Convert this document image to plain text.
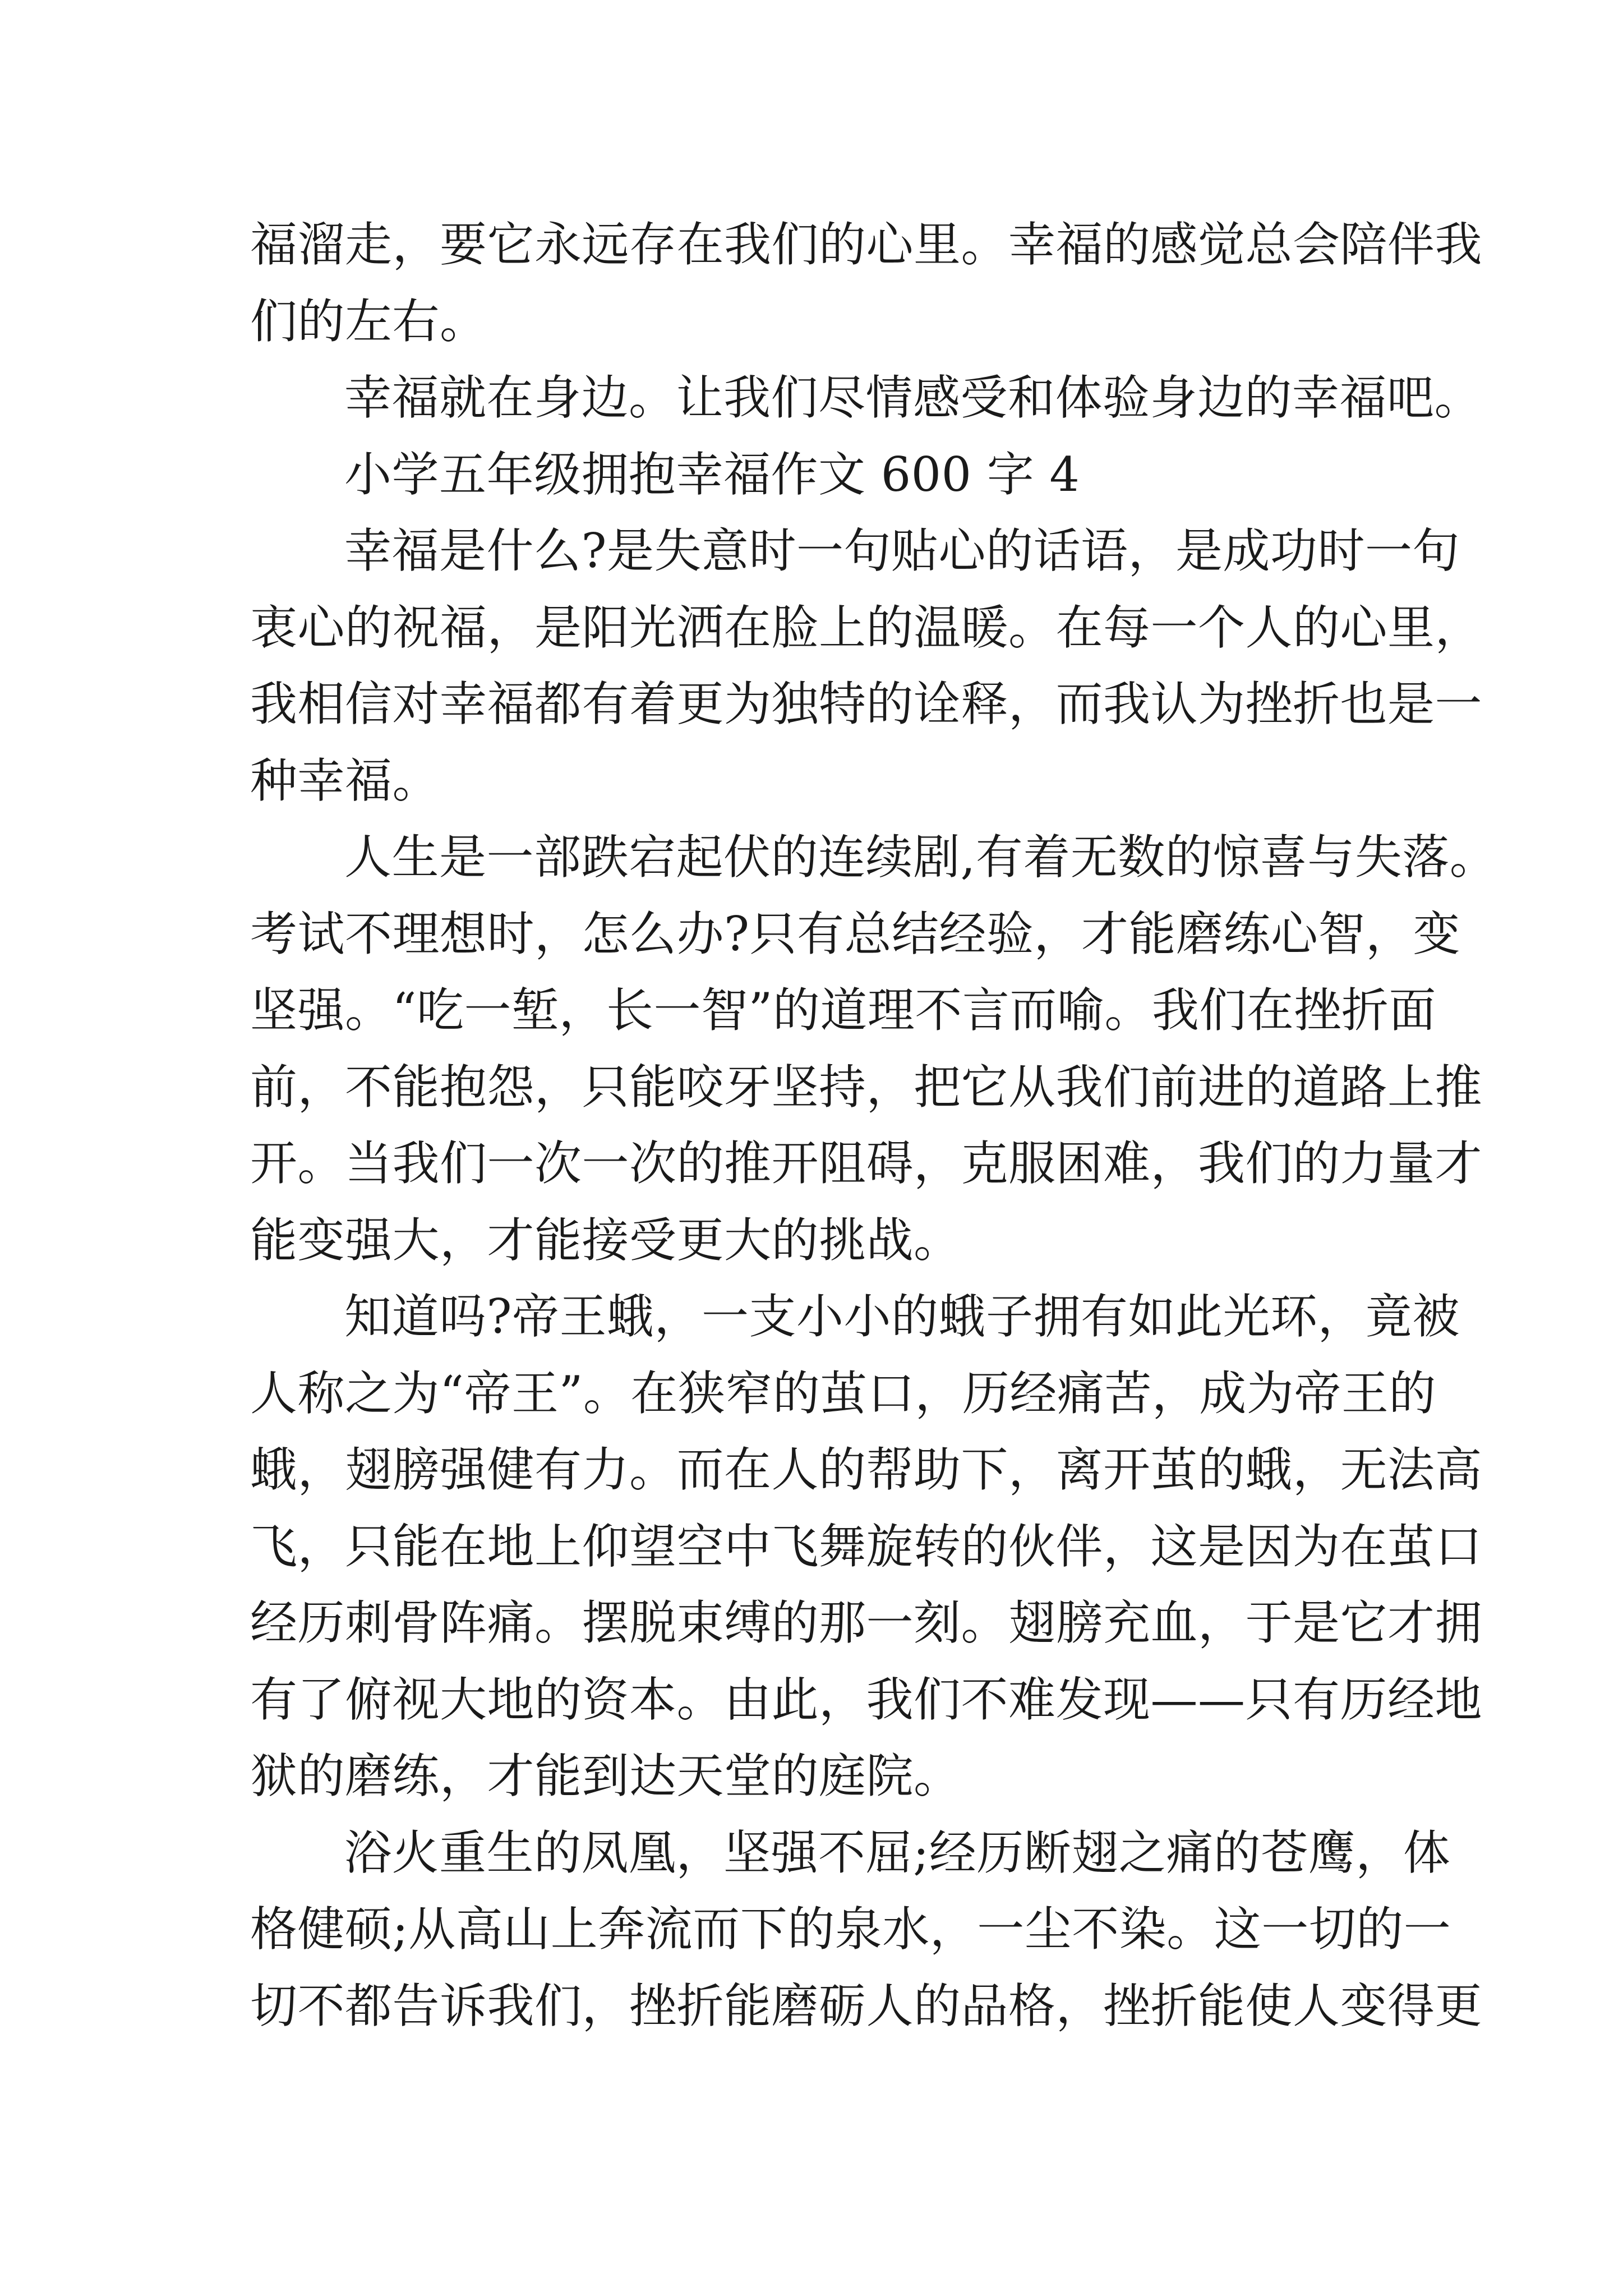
福溜走，要它永远存在我们的心里。幸福的感觉总会陪伴我
们的左右。
幸福就在身边。让我们尽情感受和体验身边的幸福吧。
小学五年级拥抱幸福作文 600 字 4
幸福是什么?是失意时一句贴心的话语，是成功时一句
衷心的祝福，是阳光洒在脸上的温暖。在每一个人的心里，
我相信对幸福都有着更为独特的诠释，而我认为挫折也是一
种幸福。
人生是一部跌宕起伏的连续剧,有着无数的惊喜与失落。
考试不理想时，怎么办?只有总结经验，才能磨练心智，变
坚强。“吃一堑，长一智”的道理不言而喻。我们在挫折面
前，不能抱怨，只能咬牙坚持，把它从我们前进的道路上推
开。当我们一次一次的推开阻碍，克服困难，我们的力量才
能变强大，才能接受更大的挑战。
知道吗?帝王蛾，一支小小的蛾子拥有如此光环，竟被
人称之为“帝王”。在狭窄的茧口，历经痛苦，成为帝王的
蛾，翅膀强健有力。而在人的帮助下，离开茧的蛾，无法高
飞，只能在地上仰望空中飞舞旋转的伙伴，这是因为在茧口
经历刺骨阵痛。摆脱束缚的那一刻。翅膀充血，于是它才拥
有了俯视大地的资本。由此，我们不难发现——只有历经地
狱的磨练，才能到达天堂的庭院。
浴火重生的凤凰，坚强不屈;经历断翅之痛的苍鹰，体
格健硕;从高山上奔流而下的泉水，一尘不染。这一切的一
切不都告诉我们，挫折能磨砺人的品格，挫折能使人变得更
